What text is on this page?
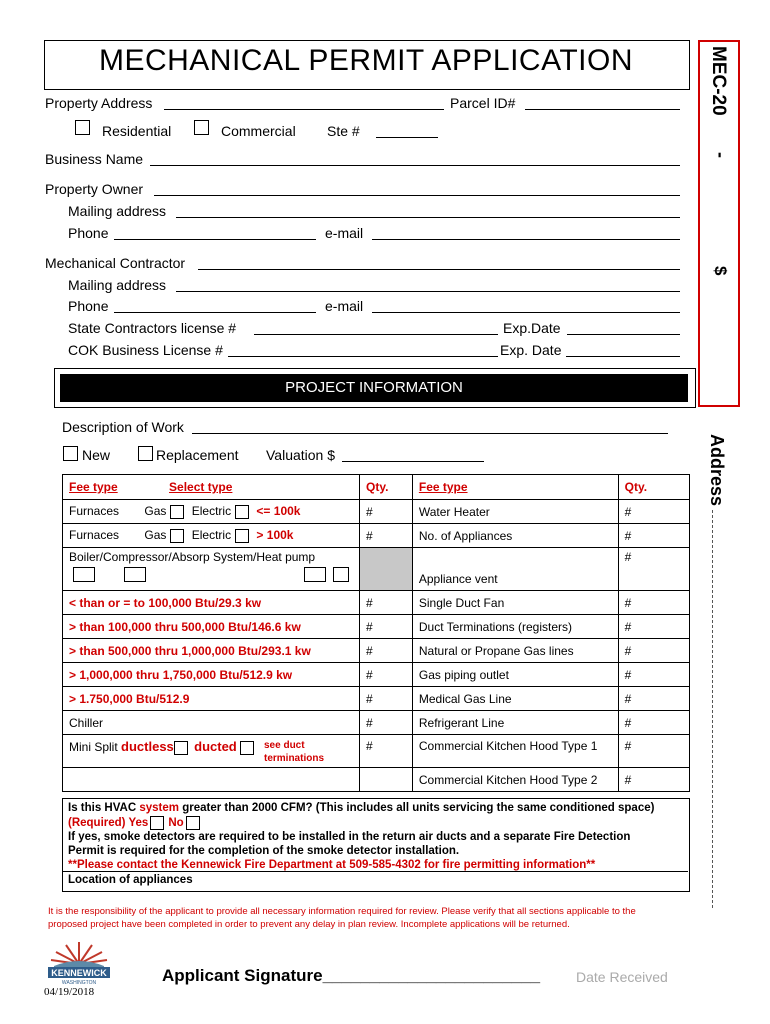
MECHANICAL PERMIT APPLICATION	MEC-20
-
$
Address
Property Address	Parcel ID#
Residential	Commercial Ste #
Business Name
Property Owner
Mailing address
Phone	e-mail
Mechanical Contractor
Mailing address
Phone	e-mail
State Contractors license #	Exp.Date
COK Business License #	Exp. Date
PROJECT INFORMATION
Description of Work
New	Replacement Valuation $
Fee type Select type	Qty.	Fee type	Qty.
Furnaces Gas Electric <= 100k	#	Water Heater	#
Furnaces Gas Electric > 100k	#	No. of Appliances	#

Boiler/Compressor/Absorp System/Heat pump		Appliance vent	#
< than or = to 100,000 Btu/29.3 kw	#	Single Duct Fan	#
> than 100,000 thru 500,000 Btu/146.6 kw	#	Duct Terminations (registers)	#
> than 500,000 thru 1,000,000 Btu/293.1 kw	#	Natural or Propane Gas lines	#
> 1,000,000 thru 1,750,000 Btu/512.9 kw	#	Gas piping outlet	#
> 1.750,000 Btu/512.9	#	Medical Gas Line	#
Chiller	#	Refrigerant Line	#
Mini Split ductless ducted see duct
terminations	#	Commercial Kitchen Hood Type 1	#
		Commercial Kitchen Hood Type 2	#
Is this HVAC system greater than 2000 CFM? (This includes all units servicing the same conditioned space)
(Required) Yes No
If yes, smoke detectors are required to be installed in the return air ducts and a separate Fire Detection
Permit is required for the completion of the smoke detector installation.
**Please contact the Kennewick Fire Department at 509-585-4302 for fire permitting information**
Location of appliances
It is the responsibility of the applicant to provide all necessary information required for review. Please verify that all sections applicable to the
proposed project have been completed in order to prevent any delay in plan review. Incomplete applications will be returned.
KENNEWICK
WASHINGTON
04/19/2018
Applicant Signature_______________________	Date Received
